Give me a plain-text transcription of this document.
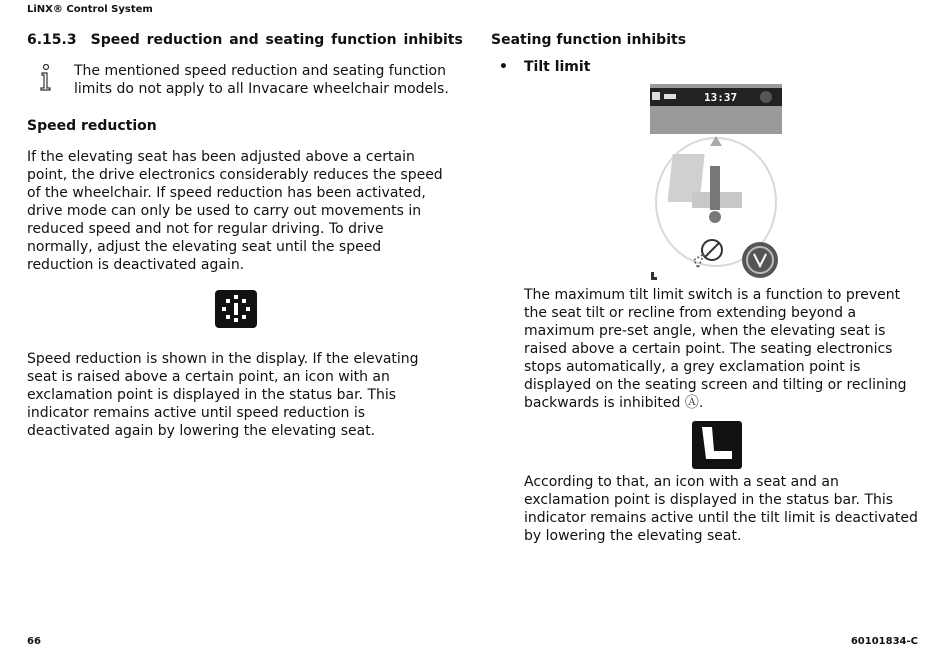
LiNX® Control System
6.15.3 Speed reduction and seating function inhibits
The mentioned speed reduction and seating function limits do not apply to all Invacare wheelchair models.
Speed reduction
If the elevating seat has been adjusted above a certain point, the drive electronics considerably reduces the speed of the wheelchair. If speed reduction has been activated, drive mode can only be used to carry out movements in reduced speed and not for regular driving. To drive normally, adjust the elevating seat until the speed reduction is deactivated again.
Speed reduction is shown in the display. If the elevating seat is raised above a certain point, an icon with an exclamation point is displayed in the status bar. This indicator remains active until speed reduction is deactivated again by lowering the elevating seat.
Seating function inhibits
• Tilt limit
13:37
The maximum tilt limit switch is a function to prevent the seat tilt or recline from extending beyond a maximum pre-set angle, when the elevating seat is raised above a certain point. The seating electronics stops automatically, a grey exclamation point is displayed on the seating screen and tilting or reclining backwards is inhibited Ⓐ.
According to that, an icon with a seat and an exclamation point is displayed in the status bar. This indicator remains active until the tilt limit is deactivated by lowering the elevating seat.
66	60101834-C
